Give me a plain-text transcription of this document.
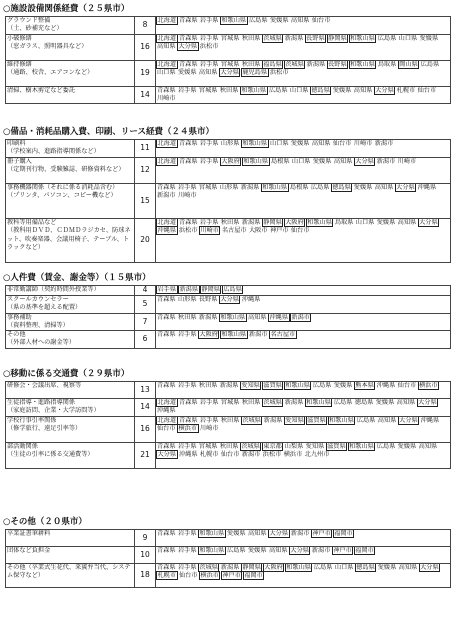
○施設設備関係経費（２５県市）
グラウンド整備
（土、砂補充など）	8	北海道 青森県 岩手県 和歌山県 広島県 愛媛県 高知県 仙台市

小破修繕
（窓ガラス、照明器具など）	16	北海道 青森県 岩手県 宮城県 秋田県 茨城県 新潟県 長野県 静岡県 和歌山県 広島県 山口県 愛媛県高知県 大分県 浜松市

維持修繕
（通路、校舎、エアコンなど）	19	北海道 青森県 岩手県 宮城県 秋田県 福島県 茨城県 新潟県 長野県 和歌山県 鳥取県 岡山県 広島県山口県 愛媛県 高知県 大分県 鹿児島県 浜松市

清掃、樹木剪定など委託	14	青森県 岩手県 宮城県 秋田県 和歌山県 広島県 山口県 徳島県 愛媛県 高知県 大分県 札幌市 仙台市川崎市
○備品・消耗品購入費、印刷、リース経費（２４県市）
印刷料
（学校案内、進路指導関係など）	11	北海道 青森県 岩手県 山形県 和歌山県 山口県 愛媛県 高知県 仙台市 川崎市 新潟市

冊子購入
（定期刊行物、受験雑誌、研修資料など）	12	北海道 青森県 岩手県 大阪府 和歌山県 島根県 山口県 愛媛県 高知県 大分県 新潟市 川崎市

事務機器関係（それに係る消耗品含む）
（プリンタ、パソコン、コピー機など）	15	青森県 岩手県 宮城県 山形県 新潟県 和歌山県 島根県 広島県 徳島県 愛媛県 高知県 大分県 沖縄県新潟市 川崎市

教科等用備品など
（教科用ＤＶＤ、ＣＤＭＤラジカセ、防球ネット、吹奏楽器、会議用椅子、テーブル、トラックなど）	20	北海道 青森県 岩手県 秋田県 新潟県 静岡県 大阪府 和歌山県 鳥取県 山口県 愛媛県 高知県 大分県沖縄県 浜松市 川崎市 名古屋市 大阪市 神戸市 仙台市
○人件費（賃金、謝金等）（１５県市）
非常勤講師（契約時間外授業等）	4	岩手県 新潟県 静岡県 広島県

スクールカウンセラー
（県の基準を超える配置）	5	青森県 山形県 長野県 大分県 沖縄県

事務補助
（資料整理、清掃等）	7	青森県 秋田県 新潟県 和歌山県 高知県 沖縄県 新潟市

その他
（外部人材への謝金等）	6	青森県 岩手県 大阪府 和歌山県 新潟市 名古屋市
○移動に係る交通費（２９県市）
研修会・会議出席、視察等	13	青森県 岩手県 秋田県 新潟県 愛知県 滋賀県 和歌山県 広島県 愛媛県 熊本県 沖縄県 仙台市 横浜市

生徒指導・進路指導関係
（家庭訪問、企業・大学訪問等）	14	北海道 青森県 岩手県 宮城県 秋田県 茨城県 新潟県 和歌山県 広島県 徳島県 愛媛県 高知県 大分県沖縄県

学校行事引率関係
（修学旅行、遠足引率等）	16	北海道 青森県 岩手県 秋田県 茨城県 新潟県 愛知県 滋賀県 和歌山県 広島県 高知県 大分県 沖縄県仙台市 横浜市 川崎市

部活動関係
（生徒の引率に係る交通費等）	21	青森県 岩手県 宮城県 秋田県 茨城県 東京都 山梨県 愛知県 滋賀県 和歌山県 広島県 愛媛県 高知県大分県 沖縄県 札幌市 仙台市 新潟市 浜松市 横浜市 北九州市
○その他（２０県市）
卒業証書筆耕料	9	青森県 岩手県 和歌山県 愛媛県 高知県 大分県 新潟市 神戸市 福岡市

団体など負担金	10	青森県 岩手県 和歌山県 広島県 愛媛県 高知県 大分県 新潟市 神戸市 福岡市

その他（卒業式生花代、来賓弁当代、システム保守など）	18	青森県 岩手県 茨城県 新潟県 静岡県 大阪府 和歌山県 広島県 山口県 徳島県 愛媛県 高知県 大分県札幌市 仙台市 横浜市 神戸市 福岡市
